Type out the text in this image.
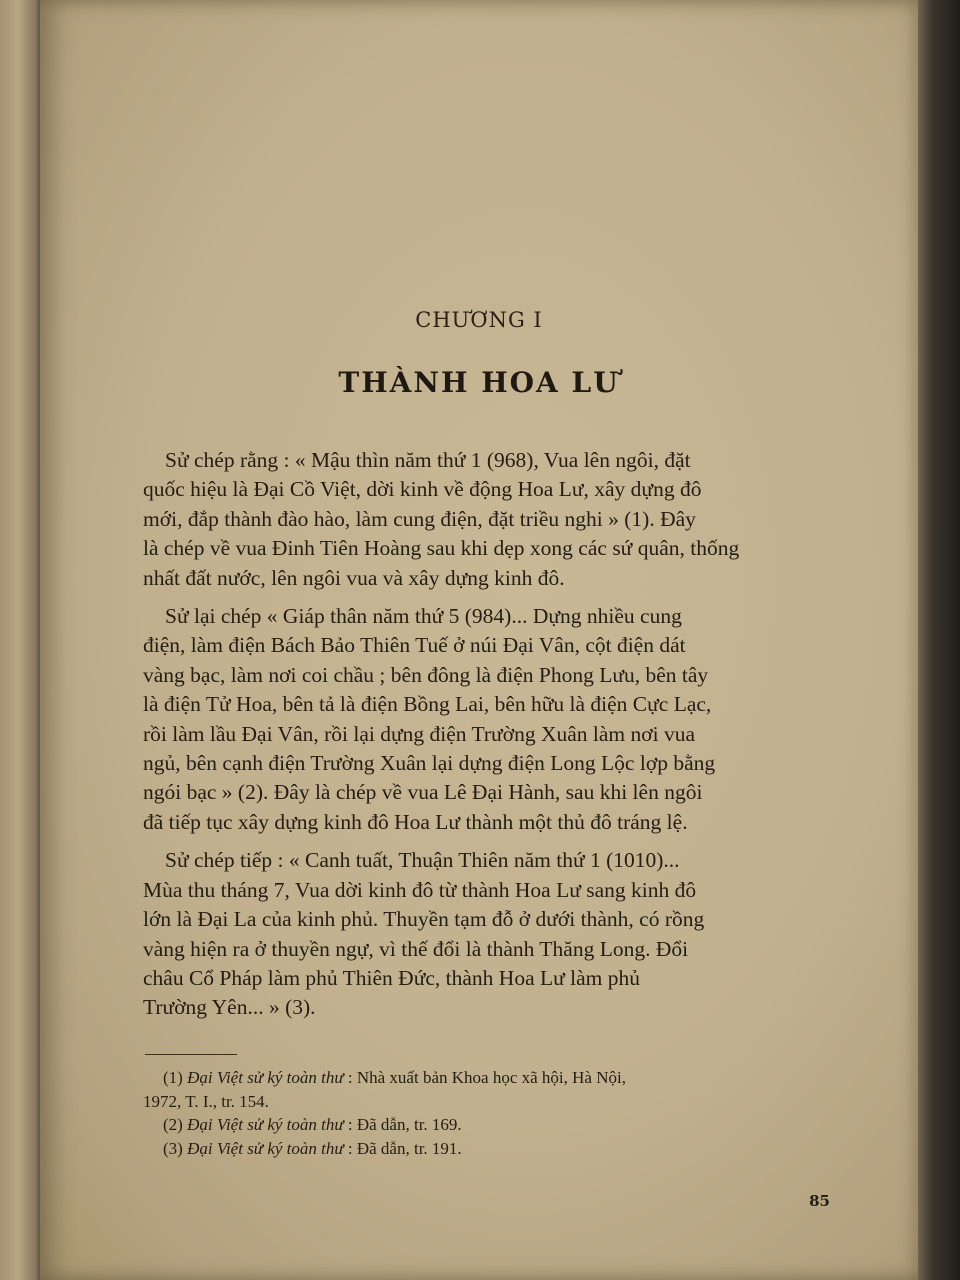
CHƯƠNG I
THÀNH HOA LƯ

Sử chép rằng : « Mậu thìn năm thứ 1 (968), Vua lên ngôi, đặt
quốc hiệu là Đại Cồ Việt, dời kinh về động Hoa Lư, xây dựng đô
mới, đắp thành đào hào, làm cung điện, đặt triều nghi » (1). Đây
là chép về vua Đinh Tiên Hoàng sau khi dẹp xong các sứ quân, thống
nhất đất nước, lên ngôi vua và xây dựng kinh đô.

Sử lại chép « Giáp thân năm thứ 5 (984)... Dựng nhiều cung
điện, làm điện Bách Bảo Thiên Tuế ở núi Đại Vân, cột điện dát
vàng bạc, làm nơi coi chầu ; bên đông là điện Phong Lưu, bên tây
là điện Tử Hoa, bên tả là điện Bồng Lai, bên hữu là điện Cực Lạc,
rồi làm lầu Đại Vân, rồi lại dựng điện Trường Xuân làm nơi vua
ngủ, bên cạnh điện Trường Xuân lại dựng điện Long Lộc lợp bằng
ngói bạc » (2). Đây là chép về vua Lê Đại Hành, sau khi lên ngôi
đã tiếp tục xây dựng kinh đô Hoa Lư thành một thủ đô tráng lệ.

Sử chép tiếp : « Canh tuất, Thuận Thiên năm thứ 1 (1010)...
Mùa thu tháng 7, Vua dời kinh đô từ thành Hoa Lư sang kinh đô
lớn là Đại La của kinh phủ. Thuyền tạm đỗ ở dưới thành, có rồng
vàng hiện ra ở thuyền ngự, vì thế đổi là thành Thăng Long. Đổi
châu Cổ Pháp làm phủ Thiên Đức, thành Hoa Lư làm phủ
Trường Yên... » (3).

(1) Đại Việt sử ký toàn thư : Nhà xuất bản Khoa học xã hội, Hà Nội,
1972, T. I., tr. 154.

(2) Đại Việt sử ký toàn thư : Đã dẫn, tr. 169.

(3) Đại Việt sử ký toàn thư : Đã dẫn, tr. 191.

85
